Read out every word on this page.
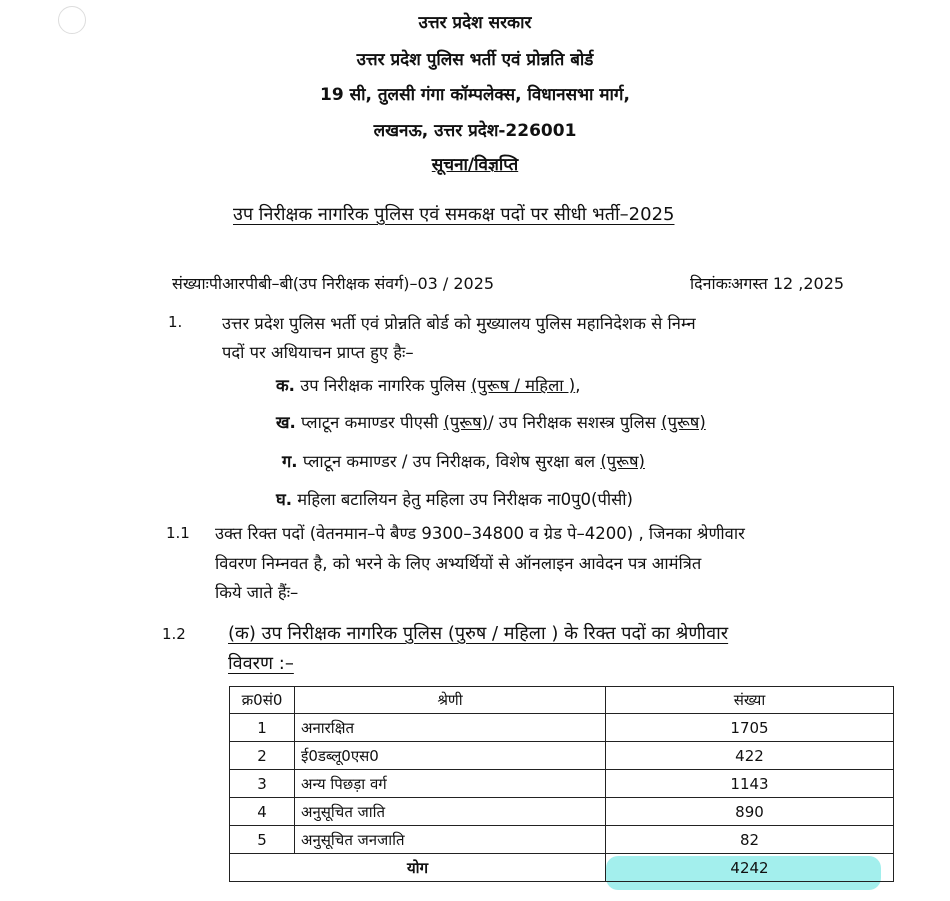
उत्तर प्रदेश सरकार
उत्तर प्रदेश पुलिस भर्ती एवं प्रोन्नति बोर्ड
19 सी, तुलसी गंगा कॉम्पलेक्स, विधानसभा मार्ग,
लखनऊ, उत्तर प्रदेश-226001
सूचना/विज्ञप्ति
उप निरीक्षक नागरिक पुलिस एवं समकक्ष पदों पर सीधी भर्ती–2025
संख्याःपीआरपीबी–बी(उप निरीक्षक संवर्ग)–03 / 2025	दिनांकःअगस्त 12 ,2025
1. उत्तर प्रदेश पुलिस भर्ती एवं प्रोन्नति बोर्ड को मुख्यालय पुलिस महानिदेशक से निम्न
पदों पर अधियाचन प्राप्त हुए हैः–
क. उप निरीक्षक नागरिक पुलिस (पुरूष / महिला ),
ख. प्लाटून कमाण्डर पीएसी (पुरूष)/ उप निरीक्षक सशस्त्र पुलिस (पुरूष)
ग. प्लाटून कमाण्डर / उप निरीक्षक, विशेष सुरक्षा बल (पुरूष)
घ. महिला बटालियन हेतु महिला उप निरीक्षक ना0पु0(पीसी)
1.1 उक्त रिक्त पदों (वेतनमान–पे बैण्ड 9300–34800 व ग्रेड पे–4200) , जिनका श्रेणीवार
विवरण निम्नवत है, को भरने के लिए अभ्यर्थियों से ऑनलाइन आवेदन पत्र आमंत्रित
किये जाते हैंः–
1.2 (क) उप निरीक्षक नागरिक पुलिस (पुरुष / महिला ) के रिक्त पदों का श्रेणीवार
विवरण :–
क्र0सं0	श्रेणी	संख्या
1	अनारक्षित	1705
2	ई0डब्लू0एस0	422
3	अन्य पिछड़ा वर्ग	1143
4	अनुसूचित जाति	890
5	अनुसूचित जनजाति	82
योग		4242
